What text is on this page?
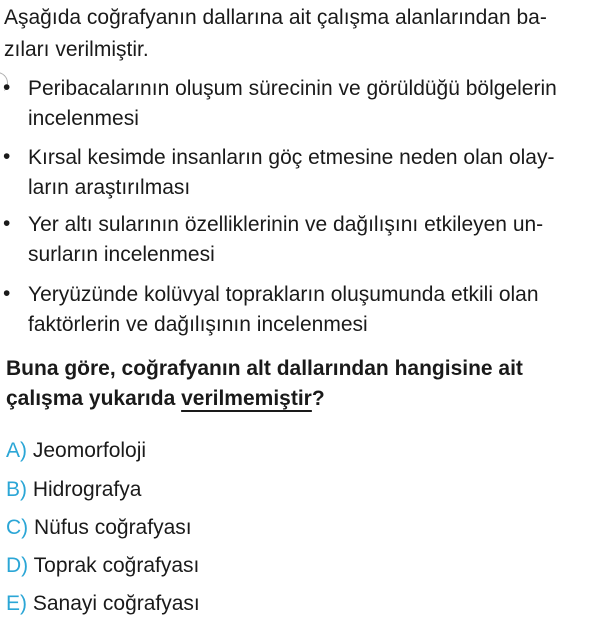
Aşağıda coğrafyanın dallarına ait çalışma alanlarından ba-
zıları verilmiştir.
• Peribacalarının oluşum sürecinin ve görüldüğü bölgelerin
incelenmesi
• Kırsal kesimde insanların göç etmesine neden olan olay-
ların araştırılması
• Yer altı sularının özelliklerinin ve dağılışını etkileyen un-
surların incelenmesi
• Yeryüzünde kolüvyal toprakların oluşumunda etkili olan
faktörlerin ve dağılışının incelenmesi
Buna göre, coğrafyanın alt dallarından hangisine ait
çalışma yukarıda verilmemiştir?
A) Jeomorfoloji
B) Hidrografya
C) Nüfus coğrafyası
D) Toprak coğrafyası
E) Sanayi coğrafyası
